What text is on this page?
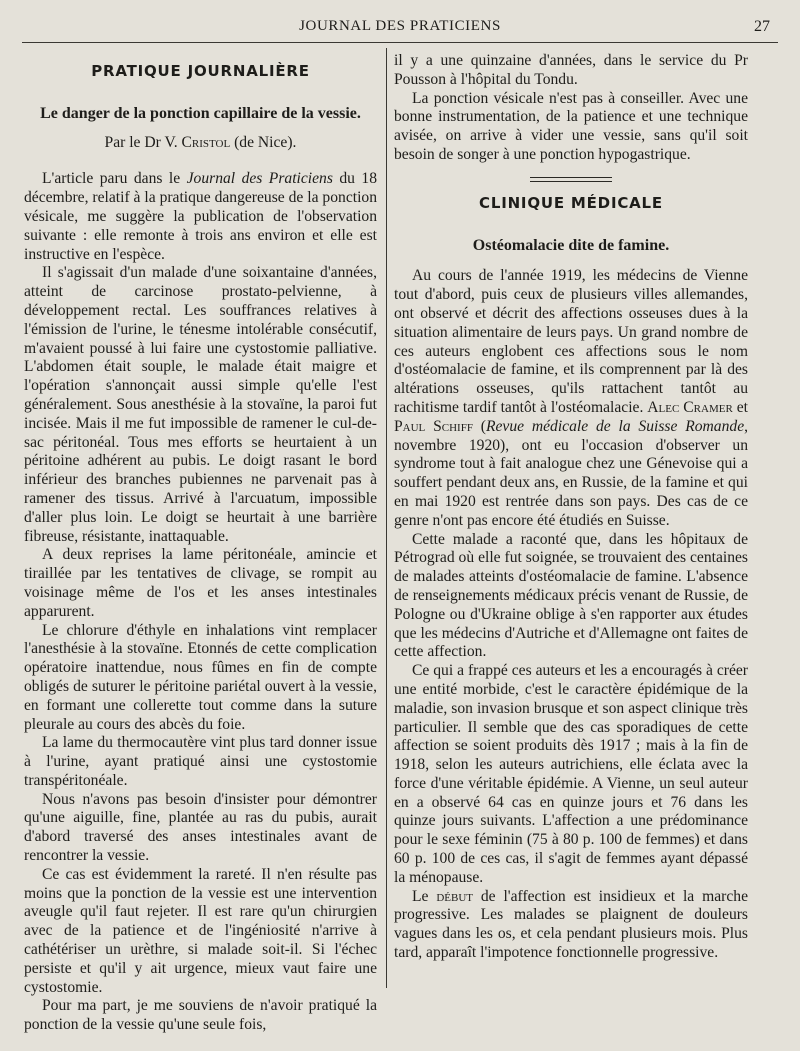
JOURNAL DES PRATICIENS	27
PRATIQUE JOURNALIÈRE
Le danger de la ponction capillaire de la vessie.

Par le Dr V. Cristol (de Nice).

L'article paru dans le Journal des Praticiens du 18 décembre, relatif à la pratique dangereuse de la ponction vésicale, me suggère la publication de l'observation suivante : elle remonte à trois ans environ et elle est instructive en l'espèce.

Il s'agissait d'un malade d'une soixantaine d'années, atteint de carcinose prostato-pelvienne, à développement rectal. Les souffrances relatives à l'émission de l'urine, le ténesme intolérable consécutif, m'avaient poussé à lui faire une cystostomie palliative. L'abdomen était souple, le malade était maigre et l'opération s'annonçait aussi simple qu'elle l'est généralement. Sous anesthésie à la stovaïne, la paroi fut incisée. Mais il me fut impossible de ramener le cul-de-sac péritonéal. Tous mes efforts se heurtaient à un péritoine adhérent au pubis. Le doigt rasant le bord inférieur des branches pubiennes ne parvenait pas à ramener des tissus. Arrivé à l'arcuatum, impossible d'aller plus loin. Le doigt se heurtait à une barrière fibreuse, résistante, inattaquable.

A deux reprises la lame péritonéale, amincie et tiraillée par les tentatives de clivage, se rompit au voisinage même de l'os et les anses intestinales apparurent.

Le chlorure d'éthyle en inhalations vint remplacer l'anesthésie à la stovaïne. Etonnés de cette complication opératoire inattendue, nous fûmes en fin de compte obligés de suturer le péritoine pariétal ouvert à la vessie, en formant une collerette tout comme dans la suture pleurale au cours des abcès du foie.

La lame du thermocautère vint plus tard donner issue à l'urine, ayant pratiqué ainsi une cystostomie transpéritonéale.

Nous n'avons pas besoin d'insister pour démontrer qu'une aiguille, fine, plantée au ras du pubis, aurait d'abord traversé des anses intestinales avant de rencontrer la vessie.

Ce cas est évidemment la rareté. Il n'en résulte pas moins que la ponction de la vessie est une intervention aveugle qu'il faut rejeter. Il est rare qu'un chirurgien avec de la patience et de l'ingéniosité n'arrive à cathétériser un urèthre, si malade soit-il. Si l'échec persiste et qu'il y ait urgence, mieux vaut faire une cystostomie.

Pour ma part, je me souviens de n'avoir pratiqué la ponction de la vessie qu'une seule fois,

il y a une quinzaine d'années, dans le service du Pr Pousson à l'hôpital du Tondu.

La ponction vésicale n'est pas à conseiller. Avec une bonne instrumentation, de la patience et une technique avisée, on arrive à vider une vessie, sans qu'il soit besoin de songer à une ponction hypogastrique.

CLINIQUE MÉDICALE
Ostéomalacie dite de famine.

Au cours de l'année 1919, les médecins de Vienne tout d'abord, puis ceux de plusieurs villes allemandes, ont observé et décrit des affections osseuses dues à la situation alimentaire de leurs pays. Un grand nombre de ces auteurs englobent ces affections sous le nom d'ostéomalacie de famine, et ils comprennent par là des altérations osseuses, qu'ils rattachent tantôt au rachitisme tardif tantôt à l'ostéomalacie. Alec Cramer et Paul Schiff (Revue médicale de la Suisse Romande, novembre 1920), ont eu l'occasion d'observer un syndrome tout à fait analogue chez une Génevoise qui a souffert pendant deux ans, en Russie, de la famine et qui en mai 1920 est rentrée dans son pays. Des cas de ce genre n'ont pas encore été étudiés en Suisse.

Cette malade a raconté que, dans les hôpitaux de Pétrograd où elle fut soignée, se trouvaient des centaines de malades atteints d'ostéomalacie de famine. L'absence de renseignements médicaux précis venant de Russie, de Pologne ou d'Ukraine oblige à s'en rapporter aux études que les médecins d'Autriche et d'Allemagne ont faites de cette affection.

Ce qui a frappé ces auteurs et les a encouragés à créer une entité morbide, c'est le caractère épidémique de la maladie, son invasion brusque et son aspect clinique très particulier. Il semble que des cas sporadiques de cette affection se soient produits dès 1917 ; mais à la fin de 1918, selon les auteurs autrichiens, elle éclata avec la force d'une véritable épidémie. A Vienne, un seul auteur en a observé 64 cas en quinze jours et 76 dans les quinze jours suivants. L'affection a une prédominance pour le sexe féminin (75 à 80 p. 100 de femmes) et dans 60 p. 100 de ces cas, il s'agit de femmes ayant dépassé la ménopause.

Le début de l'affection est insidieux et la marche progressive. Les malades se plaignent de douleurs vagues dans les os, et cela pendant plusieurs mois. Plus tard, apparaît l'impotence fonctionnelle progressive.
